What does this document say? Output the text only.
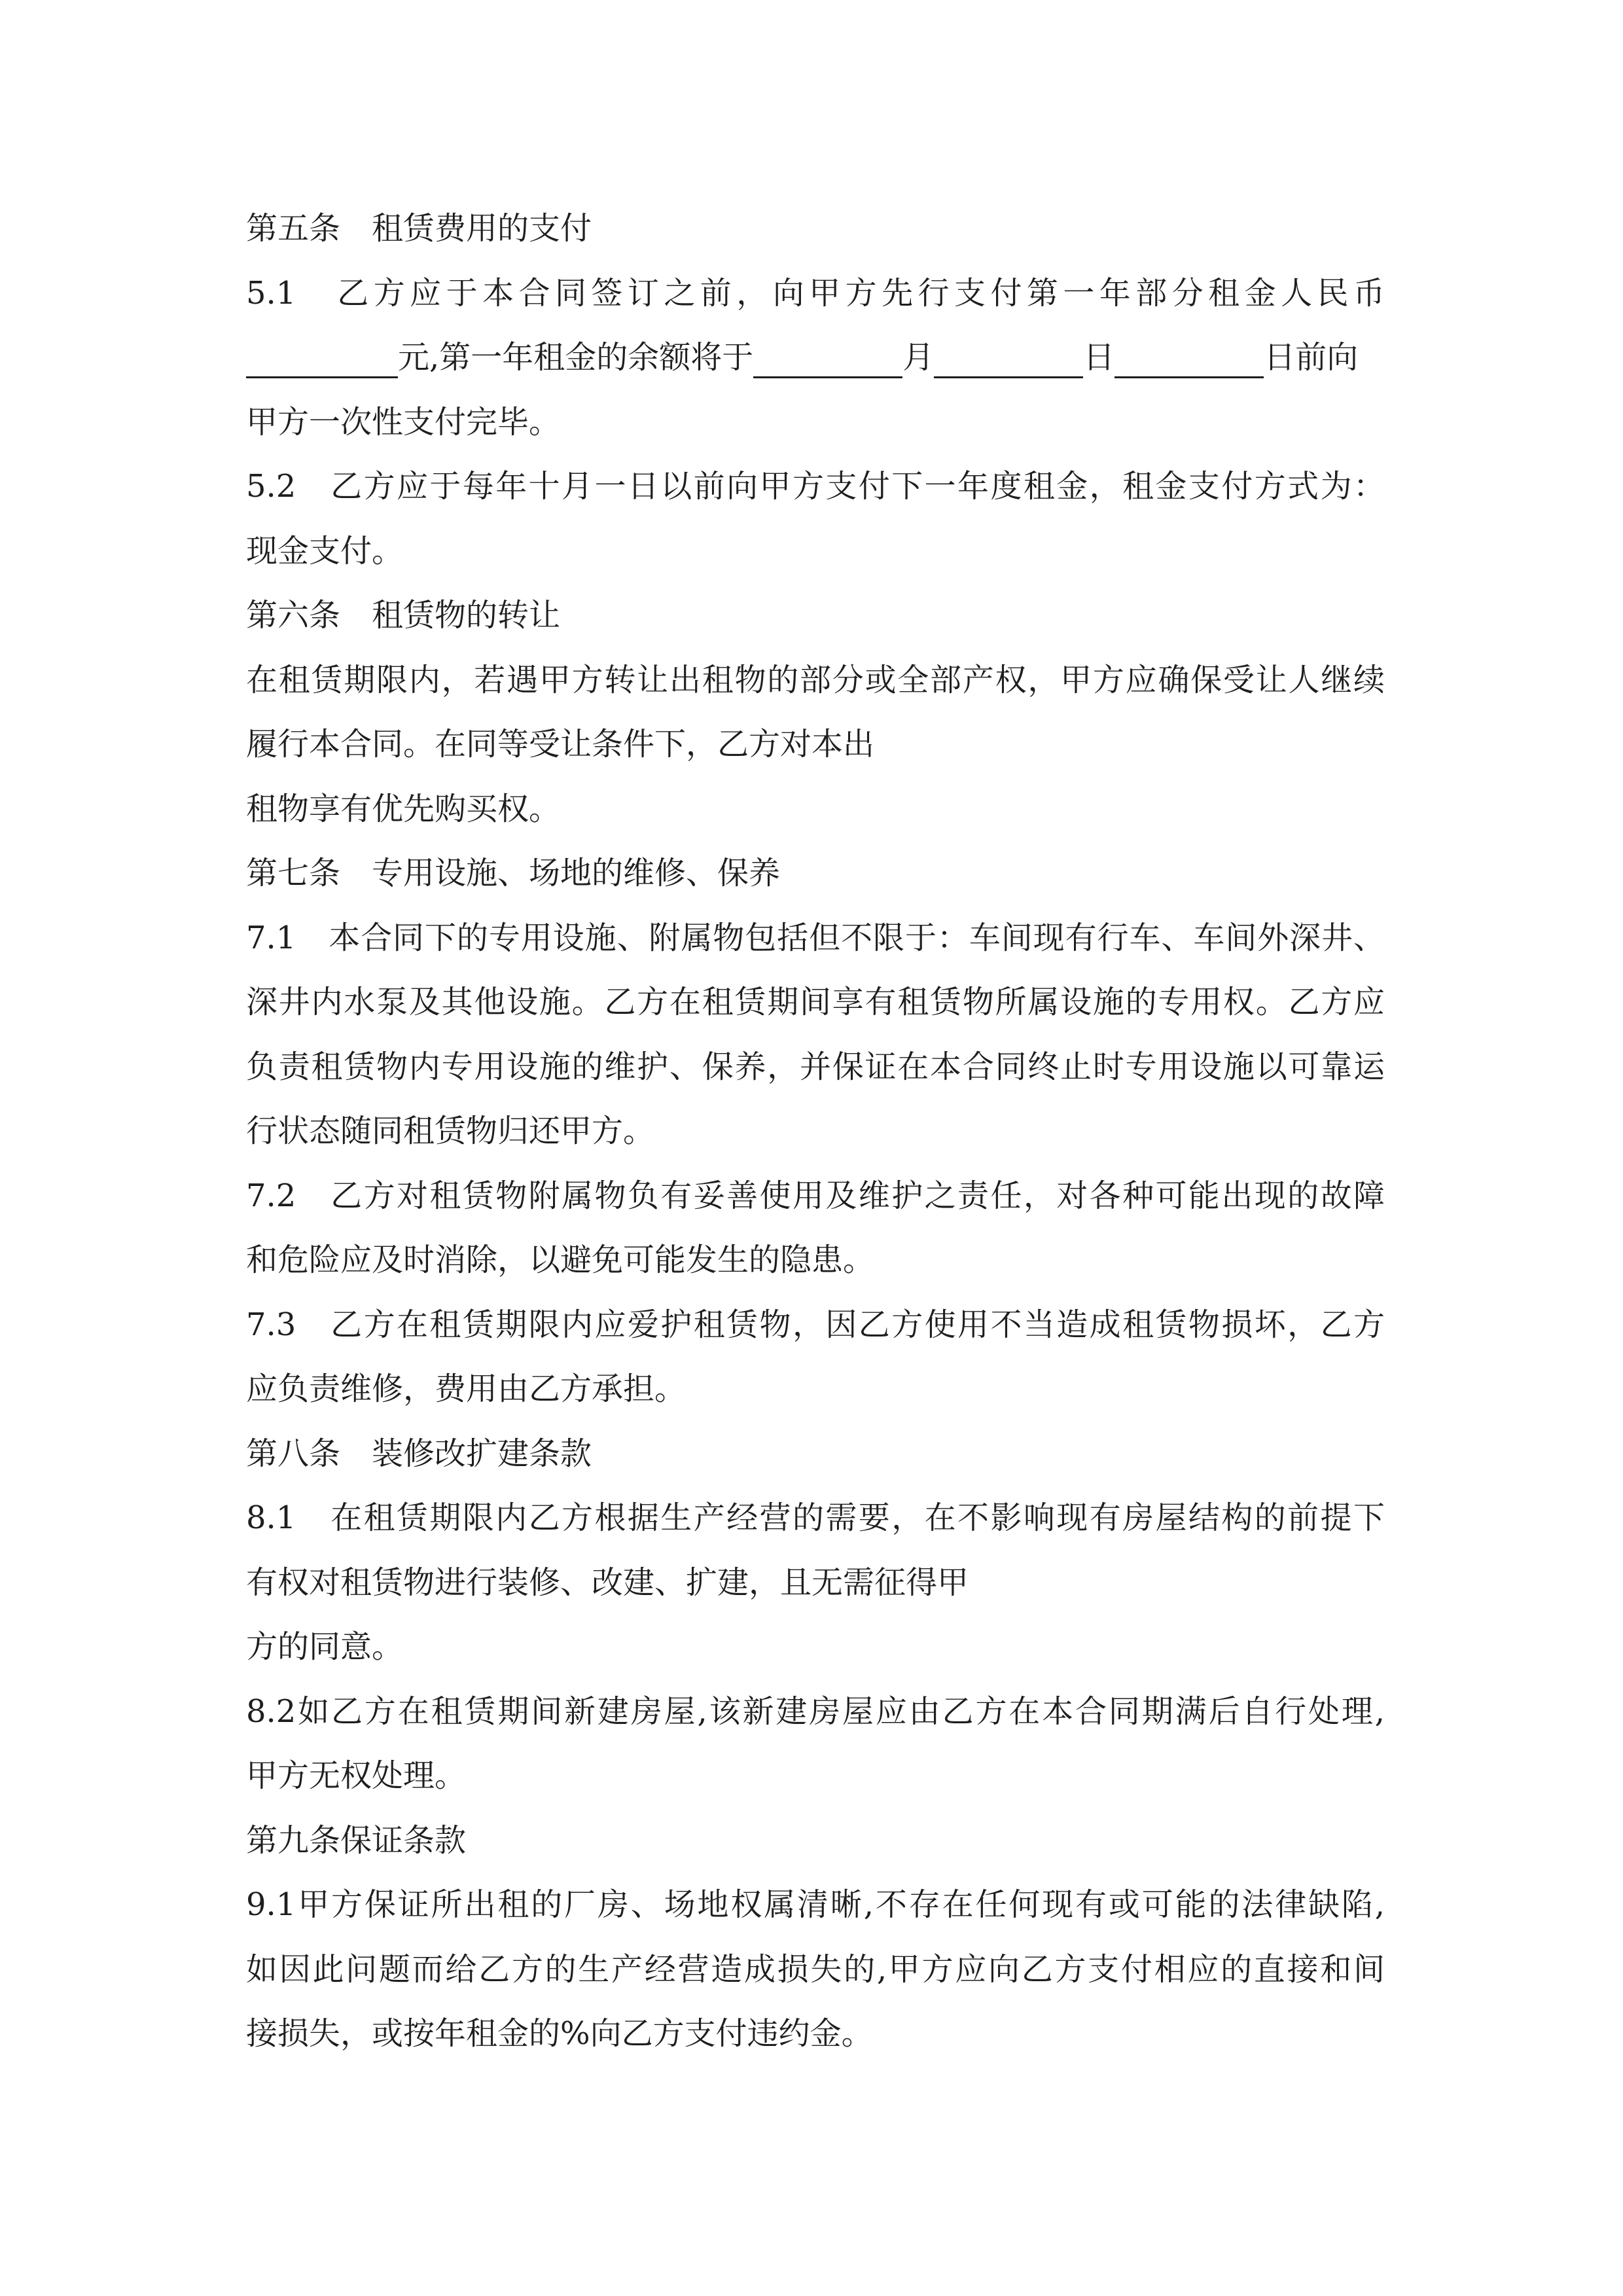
第五条　租赁费用的支付
5.1　乙方应于本合同签订之前，向甲方先行支付第一年部分租金人民币
元,第一年租金的余额将于	月	日	日前向
甲方一次性支付完毕。
5.2　乙方应于每年十月一日以前向甲方支付下一年度租金，租金支付方式为：
现金支付。
第六条　租赁物的转让
在租赁期限内，若遇甲方转让出租物的部分或全部产权，甲方应确保受让人继续
履行本合同。在同等受让条件下，乙方对本出
租物享有优先购买权。
第七条　专用设施、场地的维修、保养
7.1　本合同下的专用设施、附属物包括但不限于：车间现有行车、车间外深井、
深井内水泵及其他设施。乙方在租赁期间享有租赁物所属设施的专用权。乙方应
负责租赁物内专用设施的维护、保养，并保证在本合同终止时专用设施以可靠运
行状态随同租赁物归还甲方。
7.2　乙方对租赁物附属物负有妥善使用及维护之责任，对各种可能出现的故障
和危险应及时消除，以避免可能发生的隐患。
7.3　乙方在租赁期限内应爱护租赁物，因乙方使用不当造成租赁物损坏，乙方
应负责维修，费用由乙方承担。
第八条　装修改扩建条款
8.1　在租赁期限内乙方根据生产经营的需要，在不影响现有房屋结构的前提下
有权对租赁物进行装修、改建、扩建，且无需征得甲
方的同意。
8.2如乙方在租赁期间新建房屋,该新建房屋应由乙方在本合同期满后自行处理,
甲方无权处理。
第九条保证条款
9.1甲方保证所出租的厂房、场地权属清晰,不存在任何现有或可能的法律缺陷,
如因此问题而给乙方的生产经营造成损失的,甲方应向乙方支付相应的直接和间
接损失，或按年租金的%向乙方支付违约金。
